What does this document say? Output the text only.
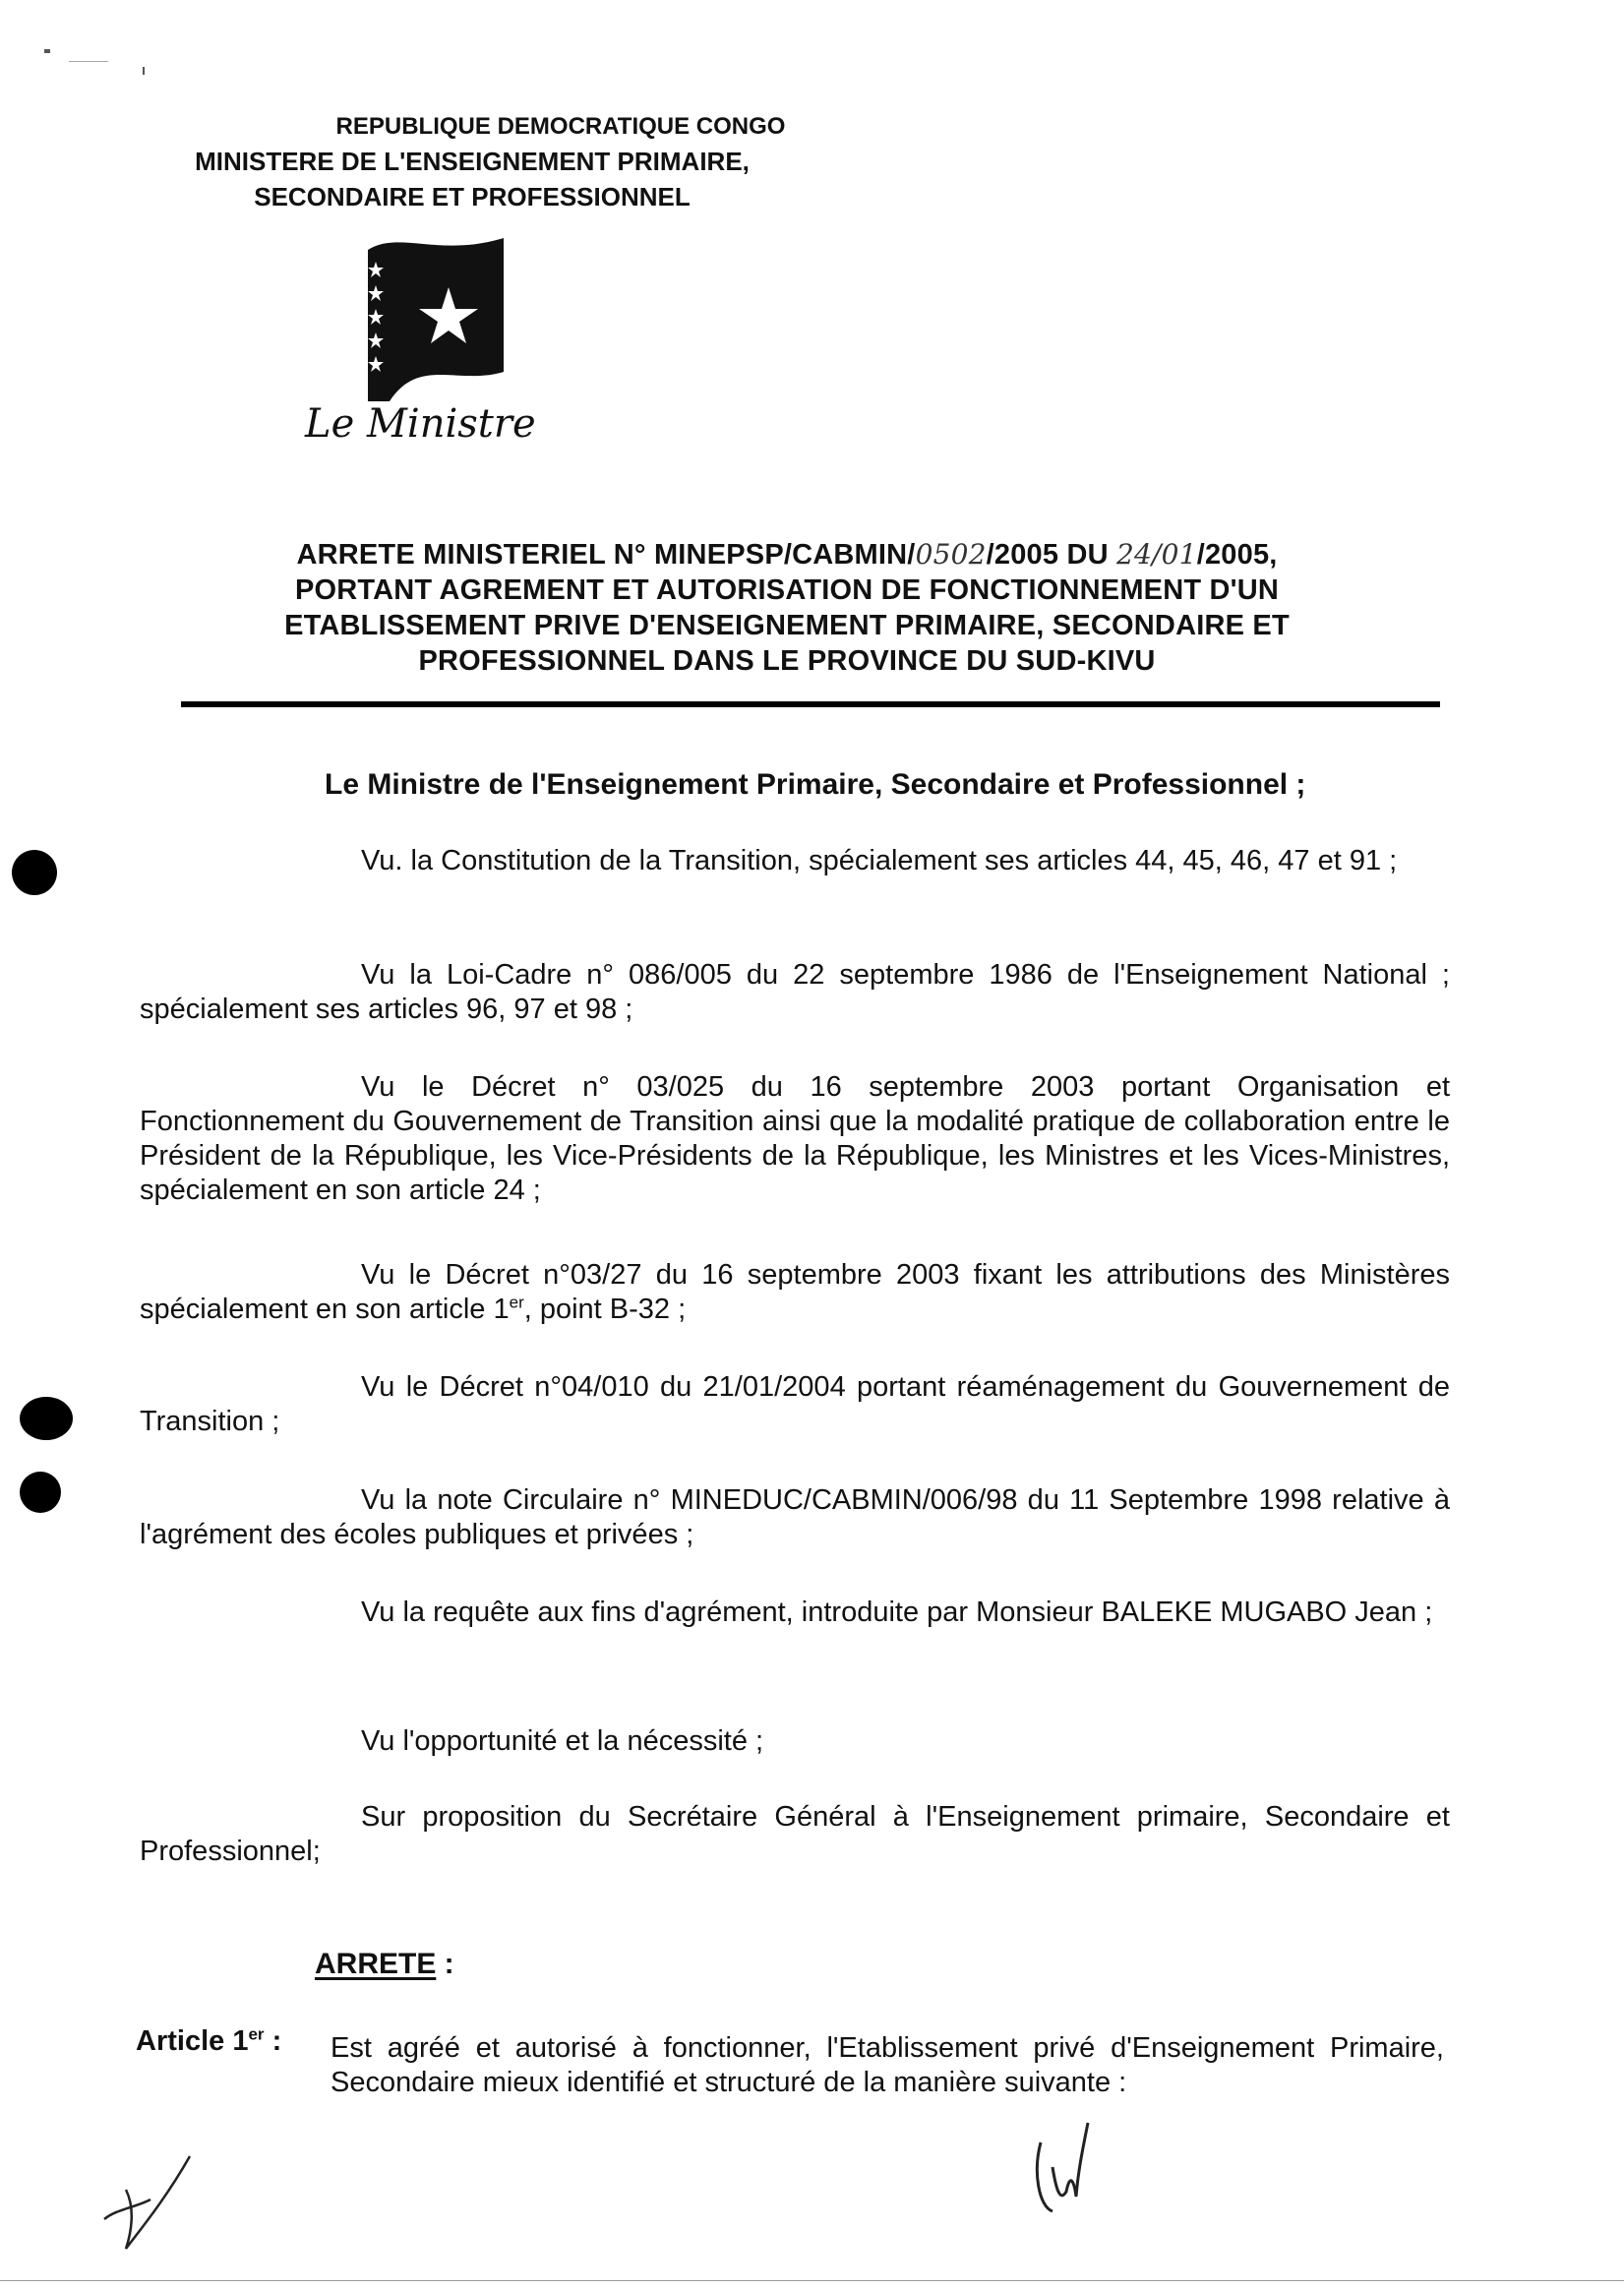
REPUBLIQUE DEMOCRATIQUE CONGO
MINISTERE DE L'ENSEIGNEMENT PRIMAIRE,
SECONDAIRE ET PROFESSIONNEL
Le Ministre
ARRETE MINISTERIEL N° MINEPSP/CABMIN/0502/2005 DU 24/01/2005,
PORTANT AGREMENT ET AUTORISATION DE FONCTIONNEMENT D'UN
ETABLISSEMENT PRIVE D'ENSEIGNEMENT PRIMAIRE, SECONDAIRE ET
PROFESSIONNEL DANS LE PROVINCE DU SUD-KIVU
Le Ministre de l'Enseignement Primaire, Secondaire et Professionnel ;
Vu. la Constitution de la Transition, spécialement ses articles 44, 45, 46, 47 et 91 ;
Vu la Loi-Cadre n° 086/005 du 22 septembre 1986 de l'Enseignement National ; spécialement ses articles 96, 97 et 98 ;
Vu le Décret n° 03/025 du 16 septembre 2003 portant Organisation et Fonctionnement du Gouvernement de Transition ainsi que la modalité pratique de collaboration entre le Président de la République, les Vice-Présidents de la République, les Ministres et les Vices-Ministres, spécialement en son article 24 ;
Vu le Décret n°03/27 du 16 septembre 2003 fixant les attributions des Ministères spécialement en son article 1er, point B-32 ;
Vu le Décret n°04/010 du 21/01/2004 portant réaménagement du Gouvernement de Transition ;
Vu la note Circulaire n° MINEDUC/CABMIN/006/98 du 11 Septembre 1998 relative à l'agrément des écoles publiques et privées ;
Vu la requête aux fins d'agrément, introduite par Monsieur BALEKE MUGABO Jean ;
Vu l'opportunité et la nécessité ;
Sur proposition du Secrétaire Général à l'Enseignement primaire, Secondaire et Professionnel;
ARRETE :
Article 1er : Est agréé et autorisé à fonctionner, l'Etablissement privé d'Enseignement Primaire, Secondaire mieux identifié et structuré de la manière suivante :
